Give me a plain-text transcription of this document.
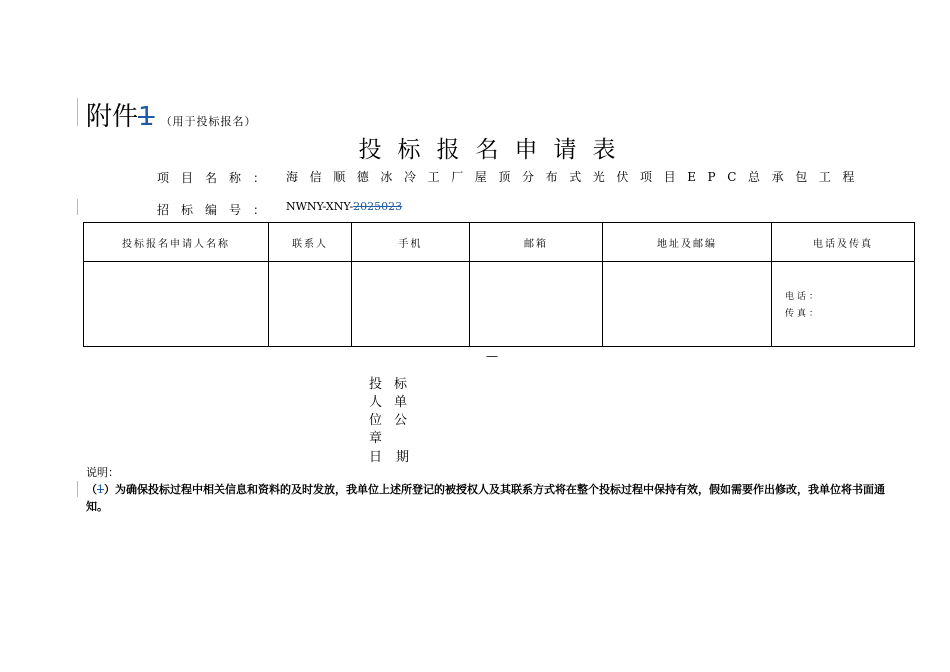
附件1 （用于投标报名）
投标报名申请表
项目名称： 海信顺德冰冷工厂屋顶分布式光伏项目EPC总承包工程
招标编号： NWNY-XNY-2025023
投标报名申请人名称	联系人	手机	邮箱	地址及邮编	电话及传真

					电话：
传真：
—
投标人单位公章
日期
说明：
（1）为确保投标过程中相关信息和资料的及时发放，我单位上述所登记的被授权人及其联系方式将在整个投标过程中保持有效，假如需要作出修改，我单位将书面通知。
